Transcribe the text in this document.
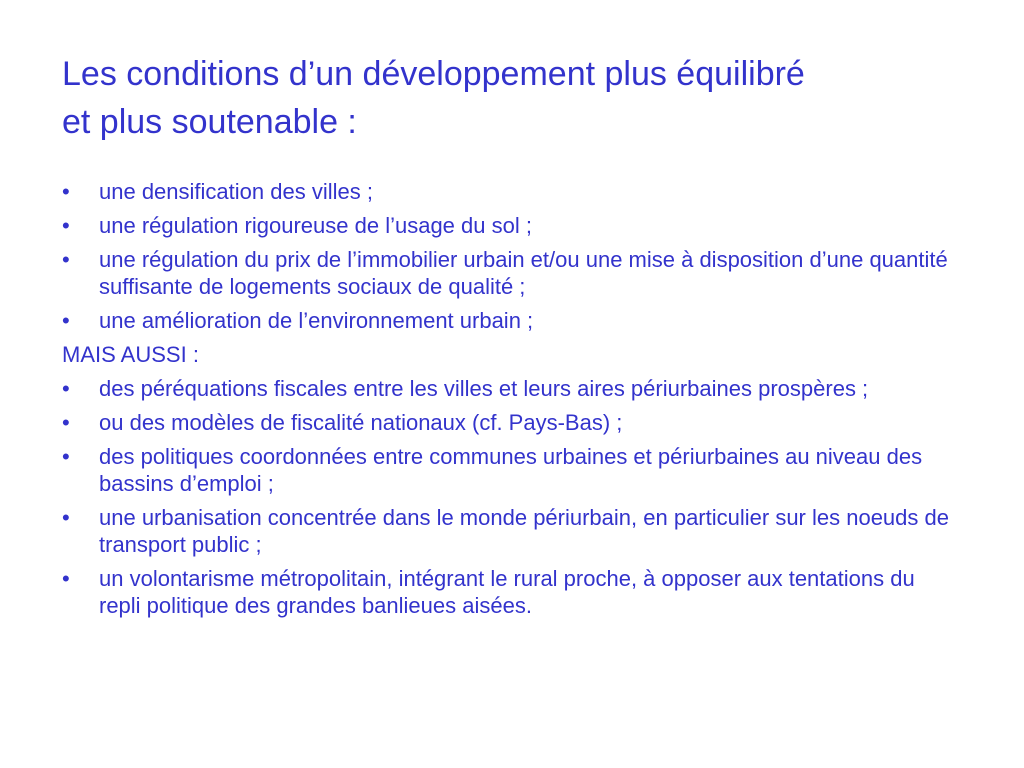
Les conditions d’un développement plus équilibré
et plus soutenable :
•	une densification des villes ;
•	une régulation rigoureuse de l’usage du sol ;
•	une régulation du prix de l’immobilier urbain et/ou une mise à disposition d’une quantité suffisante de logements sociaux de qualité ;
•	une amélioration de l’environnement urbain ;
MAIS AUSSI :
•	des péréquations fiscales entre les villes et leurs aires périurbaines prospères ;
•	ou des modèles de fiscalité nationaux (cf. Pays-Bas) ;
•	des politiques coordonnées entre communes urbaines et périurbaines au niveau des bassins d’emploi ;
•	une urbanisation concentrée dans le monde périurbain, en particulier sur les noeuds de transport public ;
•	un volontarisme métropolitain, intégrant le rural proche, à opposer aux tentations du repli politique des grandes banlieues aisées.
